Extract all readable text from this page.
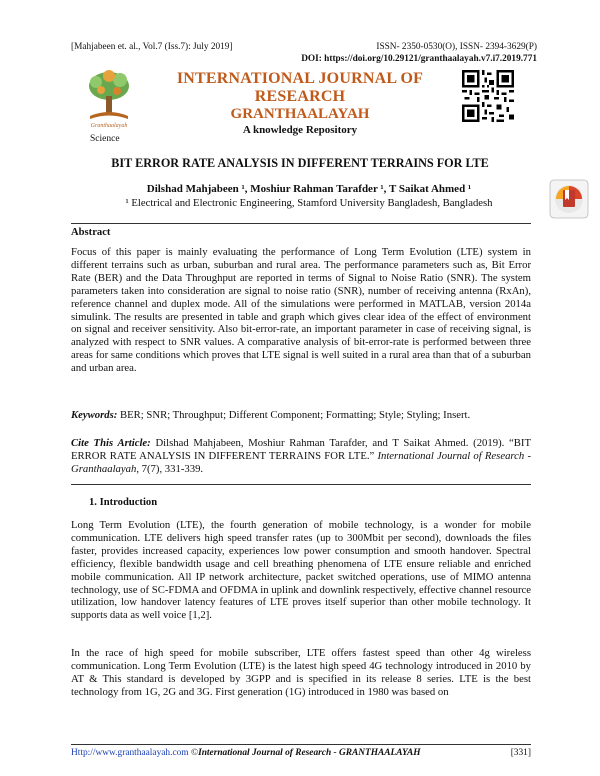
[Mahjabeen et. al., Vol.7 (Iss.7): July 2019]	ISSN- 2350-0530(O), ISSN- 2394-3629(P)
DOI: https://doi.org/10.29121/granthaalayah.v7.i7.2019.771
Granthaalayah
Science
INTERNATIONAL JOURNAL OF RESEARCH
GRANTHAALAYAH
A knowledge Repository
BIT ERROR RATE ANALYSIS IN DIFFERENT TERRAINS FOR LTE
Dilshad Mahjabeen ¹, Moshiur Rahman Tarafder ¹, T Saikat Ahmed ¹
¹ Electrical and Electronic Engineering, Stamford University Bangladesh, Bangladesh
Abstract
Focus of this paper is mainly evaluating the performance of Long Term Evolution (LTE) system in different terrains such as urban, suburban and rural area. The performance parameters such as, Bit Error Rate (BER) and the Data Throughput are reported in terms of Signal to Noise Ratio (SNR). The system parameters taken into consideration are signal to noise ratio (SNR), number of receiving antenna (RxAn), reference channel and duplex mode. All of the simulations were performed in MATLAB, version 2014a simulink. The results are presented in table and graph which gives clear idea of the effect of environment on signal and receiver sensitivity. Also bit-error-rate, an important parameter in case of receiving signal, is analyzed with respect to SNR values. A comparative analysis of bit-error-rate is performed between three areas for same conditions which proves that LTE signal is well suited in a rural area than that of a suburban and urban area.
Keywords: BER; SNR; Throughput; Different Component; Formatting; Style; Styling; Insert.
Cite This Article: Dilshad Mahjabeen, Moshiur Rahman Tarafder, and T Saikat Ahmed. (2019). “BIT ERROR RATE ANALYSIS IN DIFFERENT TERRAINS FOR LTE.” International Journal of Research - Granthaalayah, 7(7), 331-339.
1. Introduction
Long Term Evolution (LTE), the fourth generation of mobile technology, is a wonder for mobile communication. LTE delivers high speed transfer rates (up to 300Mbit per second), downloads the files faster, provides increased capacity, experiences low power consumption and smooth handover. Spectral efficiency, flexible bandwidth usage and cell breathing phenomena of LTE ensure reliable and enriched mobile communication. All IP network architecture, packet switched operations, use of MIMO antenna technology, use of SC-FDMA and OFDMA in uplink and downlink respectively, effective channel resource utilization, low handover latency features of LTE proves itself superior than other mobile technology. It supports data as well voice [1,2].
In the race of high speed for mobile subscriber, LTE offers fastest speed than other 4g wireless communication. Long Term Evolution (LTE) is the latest high speed 4G technology introduced in 2010 by AT & This standard is developed by 3GPP and is specified in its release 8 series. LTE is the best technology from 1G, 2G and 3G. First generation (1G) introduced in 1980 was based on
Http://www.granthaalayah.com ©International Journal of Research - GRANTHAALAYAH	[331]
